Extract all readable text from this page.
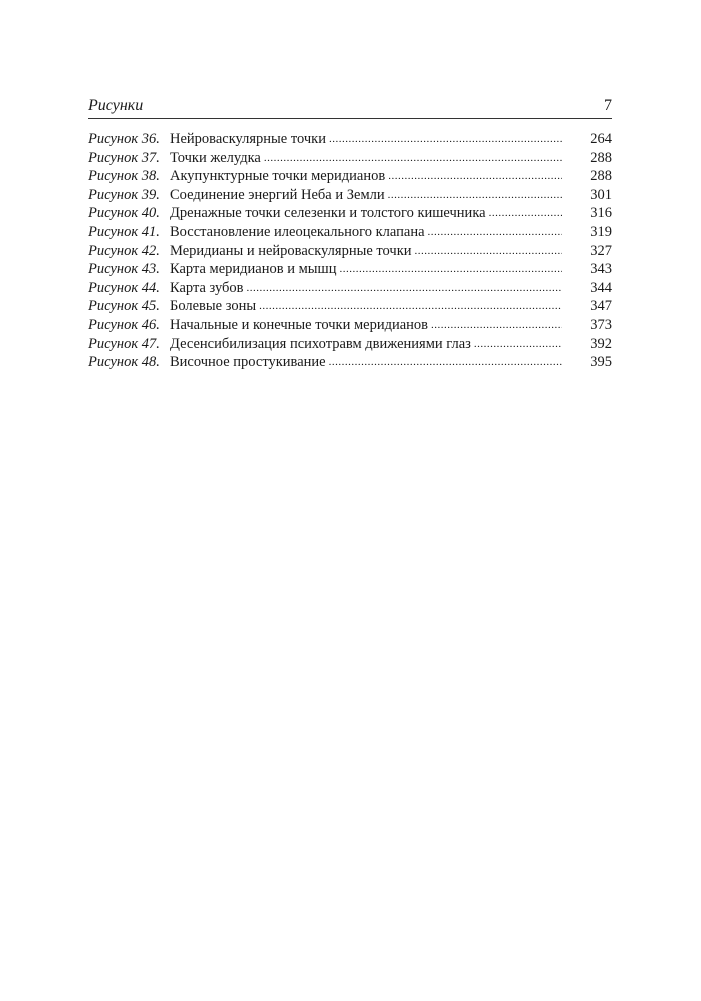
Рисунки	7
Рисунок 36. Нейроваскулярные точки .....	264
Рисунок 37. Точки желудка .....	288
Рисунок 38. Акупунктурные точки меридианов .....	288
Рисунок 39. Соединение энергий Неба и Земли .....	301
Рисунок 40. Дренажные точки селезенки и толстого кишечника .....	316
Рисунок 41. Восстановление илеоцекального клапана .....	319
Рисунок 42. Меридианы и нейроваскулярные точки .....	327
Рисунок 43. Карта меридианов и мышц .....	343
Рисунок 44. Карта зубов .....	344
Рисунок 45. Болевые зоны .....	347
Рисунок 46. Начальные и конечные точки меридианов .....	373
Рисунок 47. Десенсибилизация психотравм движениями глаз .....	392
Рисунок 48. Височное простукивание .....	395
